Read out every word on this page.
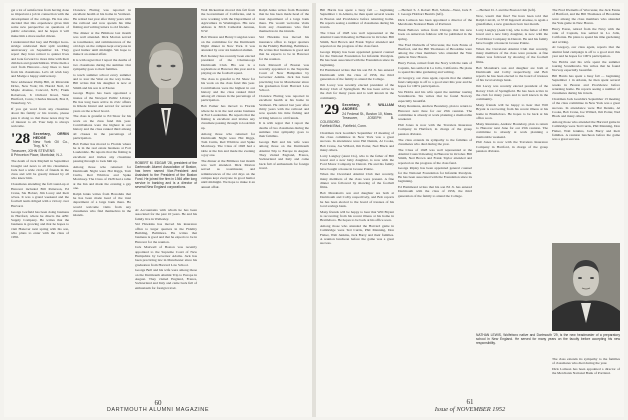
get a lot of satisfaction from having done so important a job in connection with the development of the college. He has also decided that this experience gives him some new perspective on questions of public education, and he hopes it will make him a more useful citizen.

I understand that Guy and Bridget Goss-stridge celebrated their split wedding anniversary on September 24. They report they have retired to quieter lives and look forward to more time with their children and grandchildren. Write them a card from Hanover—Guy likes to hear from his classmates. Let's all wish Guy and Madge a happy anniversary.

New addresses: Philip Hill, 41 Riverside Drive, New York; Dr. Harold Neil, 22 Maple Avenue, Concord, N.H.; Frank Robertson, 6 Orchard Road, West Hartford, Conn.; Charles Russell, Box 8, Waterbury, Vt.

If you get word from any classmate about his family or his travels, please pass it along so that these notes may be of interest to all. Your help is always welcome.

'28 Secretary, ORRIN HEDGE
New York Oil Co., Troy, N.Y.
Treasurer, JOHN STEVENS
8 Princeton Place, Montclair, N.J.

The death of Jack Mayhall in September brought sad news to all his classmates. Jack had a wide circle of friends in the class and will be greatly missed by all who knew him.

Classmates attending the fall round-up at Hanover included Bill Patterson, Ed Crane, Stu Hobart, Jim Lacey and their wives. It was a grand weekend and the football team obliged with a victory over Harvard.

George Gorfield has been doing business in Hartford, where he directs the ABC Supply Company. He writes that the business is growing and that he hopes to visit Hanover next spring with his son, who plans to enter with the class of 1956.

Clarence Fluting was reported in excellent health at his home in Vermont. He retired last year after thirty years with the railroad and now spends his time fishing and writing letters to old friends.

The dinner at the Biltmore last month was well attended. Dick Morton served as toastmaster, and reminiscences of the old days on the campus kept everyone in good humor until midnight. We hope to make it an annual affair.

It is with regret that I report the deaths of two classmates during the summer. Our sympathy goes to their families.

to teach summer school every summer and to tour the West on the way home. Bill writes that his daughter is now at Smith and his son is at Exeter.

George Hayes has been appointed a trustee of the Newport Public Library. He has long been active in civic affairs in Rhode Island and served for several years on the school board.

The class is grateful to Ed Shaw for his work on the class fund this year. Contributions were the highest in our history and the class ranked third among all classes in the percentage of participation.

Bob Eamer has moved to Florida where he is in the real estate business at Fort Lauderdale. He reports that the fishing is excellent and invites any classmate passing through to look him up.

Among those who returned for Dartmouth Night were Hal Riggs, Tom Curtis, Red Whitlow and Spike Morrissey. The Class of 1928 had a table at the Inn and made the evening a gay one.

Ralph Jenks writes from Honolulu that he has been made head of the trust department of a large bank there. He would welcome visits from any classmates who find themselves in the islands.

ROBERT M. EDGAR '28, president of the Dartmouth Alumni Association of Boston, has been named Vice-President and Assistant to the President of the Boston Fund. He joined the firm in 1946 after long service in banking and is a director of several New England corporations.

Al Accountants with whom he has been associated for the past 10 years. He and his family live in Wellesley.

Sid Hawkins has moved his insurance office to larger quarters in the Fidelity Building, Baltimore. He writes that business is good and that he expects to be in Hanover for the reunion.

Jack Maxwell of Boston was recently appointed to the Supreme Court of New Hampshire by Governor Adams. Jack has been practicing law in Manchester since his graduation from Harvard Law School.

George Bell and his wife were among those on the Dartmouth Alumni Trip to Europe in August. They visited England, France, Switzerland and Italy and came back full of enthusiasm for foreign travel.

Walt Dickerman moved this fall from the Government of California, and is now working with the Department of Agriculture in Washington. His new address is 3016 Cathedral Avenue, N.W.

Bob Weston and Henry Congdon were on the committee for the Dartmouth Night dinner in New York. It was attended by over six hundred alumni.

Bob Kenney has recently been elected president of the Chattanooga Dartmouth Club. His son is a sophomore at Hanover this year and is playing on the football squad.

The class is grateful to Ed Shaw for his work on the class fund this year. Contributions were the highest in our history and the class ranked third among all classes in the percentage of participation.

Bob Eamer has moved to Florida where he is in the real estate business at Fort Lauderdale. He reports that the fishing is excellent and invites any classmate passing through to look him up.

Among those who returned for Dartmouth Night were Hal Riggs, Tom Curtis, Red Whitlow and Spike Morrissey. The Class of 1928 had a table at the Inn and made the evening a gay one.

The dinner at the Biltmore last month was well attended. Dick Morton served as toastmaster, and reminiscences of the old days on the campus kept everyone in good humor until midnight. We hope to make it an annual affair.

Ralph Jenks writes from Honolulu that he has been made head of the trust department of a large bank there. He would welcome visits from any classmates who find themselves in the islands.

Sid Hawkins has moved his insurance office to larger quarters in the Fidelity Building, Baltimore. He writes that business is good and that he expects to be in Hanover for the reunion.

Jack Maxwell of Boston was recently appointed to the Supreme Court of New Hampshire by Governor Adams. Jack has been practicing law in Manchester since his graduation from Harvard Law School.

Clarence Fluting was reported in excellent health at his home in Vermont. He retired last year after thirty years with the railroad and now spends his time fishing and writing letters to old friends.

It is with regret that I report the deaths of two classmates during the summer. Our sympathy goes to their families.

George Bell and his wife were among those on the Dartmouth Alumni Trip to Europe in August. They visited England, France, Switzerland and Italy and came back full of enthusiasm for foreign travel.

60
DARTMOUTH ALUMNI MAGAZINE

Bill Harris has spent a busy fall — beginning September 1 in Atlanta, he then spent several weeks in Boston and Providence before returning home. He reports seeing a number of classmates during his travels.

The Class of 1928 was well represented at the Alumni Council meeting in Hanover in October. Bill Smith, Ned Brown and Frank Taylor attended and reported on the progress of the class fund.

George Ripley has been appointed general counsel for the National Foundation for Infantile Paralysis. He has been associated with the Foundation since its beginning.

Ed Hammond writes that his son Ed Jr. has entered Dartmouth with the class of 1956, the third generation of the family to attend the College.

Jim Lacey was recently elected president of the Rotary Club of Springfield. He has been active in the club for many years and is well known in the community.

'29 Secretary, F. WILLIAM ANDRES
24 Federal St., Boston 10, Mass.
Treasurer, JOSEPH B. COLEBORD
Fairfield Blvd., Fairfield, Conn.

Chairman Jack Gouldie's September 13 meeting of the class committee in New York was a great success. In attendance were Hal Dennis, Al Cooke, Bob Crane, Joe Willard, Jim Potter, Ned Black and many others.

Larry Langley (Aunt Cis), who is the father of Bill Jewel and a new baby daughter, is now with the Ford Motor Company in Detroit. He and his family have bought a house in Grosse Pointe.

When the Cleveland Alumni Club met recently, many members of the class were present. A fine dinner was followed by showing of the football films.

Bob Monahan's son and daughter are both at Dartmouth and Colby respectively, and Bob reports he has been elected to the board of trustees of his local savings bank.

Many friends will be happy to hear that Will Bryant is recovering from his recent illness at his home in Brattleboro. He hopes to be back at his office soon.

Among those who attended the Harvard game in Cambridge were Ted Curtis, Phil Manning, Don Fisher, Walt Jenkins, Jack Barry and their families. A reunion luncheon before the game was a great success.

—Herbert S. J. Robert Hall, Schule—West, Jack F. J. George Hobbart Beatrix (left).

Dick Lamson has been appointed a director of the Merchants National Bank of Portland.

Hank Bellows writes from Chicago that his new book on American folklore will be published in the spring.

The Fred Dwinells of Worcester, the Jack Fenns of Hartford, and the Bill Thomases of Brookline were among the class members who attended the Yale game in New Haven.

Harry Eaton, retired from the Navy with the rank of Captain, has settled in La Jolla, California. He plans to spend his time gardening and writing.

Al Gregory, our class agent, reports that the alumni fund campaign is off to a good start this year and he hopes for 100% participation.

Stu Hobbs and his wife spent the summer touring Scandinavia. Stu writes that he found Norway especially beautiful.

Many Reunions, Andrew Boundary, plan to return to Hanover next June for our 25th reunion. The committee is already at work planning a memorable weekend.

Phil Jones is now with the Travelers Insurance Company in Hartford, in charge of the group pension division.

The class extends its sympathy to the families of classmates who died during the year.

The Class of 1928 was well represented at the Alumni Council meeting in Hanover in October. Bill Smith, Ned Brown and Frank Taylor attended and reported on the progress of the class fund.

George Ripley has been appointed general counsel for the National Foundation for Infantile Paralysis. He has been associated with the Foundation since its beginning.

Ed Hammond writes that his son Ed Jr. has entered Dartmouth with the class of 1956, the third generation of the family to attend the College.

—Herbert D. J. and the Boston Club (left).

Now, wasn't that fine? We have been told that Ralph Carroll, at 3710 Ingersoll Avenue, is again a grandfather, a new grandson born last month.

Larry Langley (Aunt Cis), who is the father of Bill Jewel and a new baby daughter, is now with the Ford Motor Company in Detroit. He and his family have bought a house in Grosse Pointe.

When the Cleveland Alumni Club met recently, many members of the class were present. A fine dinner was followed by showing of the football films.

Bob Monahan's son and daughter are both at Dartmouth and Colby respectively, and Bob reports he has been elected to the board of trustees of his local savings bank.

Jim Lacey was recently elected president of the Rotary Club of Springfield. He has been active in the club for many years and is well known in the community.

Many friends will be happy to hear that Will Bryant is recovering from his recent illness at his home in Brattleboro. He hopes to be back at his office soon.

Many Reunions, Andrew Boundary, plan to return to Hanover next June for our 25th reunion. The committee is already at work planning a memorable weekend.

Phil Jones is now with the Travelers Insurance Company in Hartford, in charge of the group pension division.

The Fred Dwinells of Worcester, the Jack Fenns of Hartford, and the Bill Thomases of Brookline were among the class members who attended the Yale game in New Haven.

Harry Eaton, retired from the Navy with the rank of Captain, has settled in La Jolla, California. He plans to spend his time gardening and writing.

Al Gregory, our class agent, reports that the alumni fund campaign is off to a good start this year and he hopes for 100% participation.

Stu Hobbs and his wife spent the summer touring Scandinavia. Stu writes that he found Norway especially beautiful.

Bill Harris has spent a busy fall — beginning September 1 in Atlanta, he then spent several weeks in Boston and Providence before returning home. He reports seeing a number of classmates during his travels.

Chairman Jack Gouldie's September 13 meeting of the class committee in New York was a great success. In attendance were Hal Dennis, Al Cooke, Bob Crane, Joe Willard, Jim Potter, Ned Black and many others.

Among those who attended the Harvard game in Cambridge were Ted Curtis, Phil Manning, Don Fisher, Walt Jenkins, Jack Barry and their families. A reunion luncheon before the game was a great success.

NATHAN LEWIS, Wolfeboro native and Dartmouth '29, is the new headmaster of a preparatory school in New England. He served for many years on the faculty before accepting his new responsibility.

The class extends its sympathy to the families of classmates who died during the year.

Dick Lamson has been appointed a director of the Merchants National Bank of Portland.

61
Issue of NOVEMBER 1952
